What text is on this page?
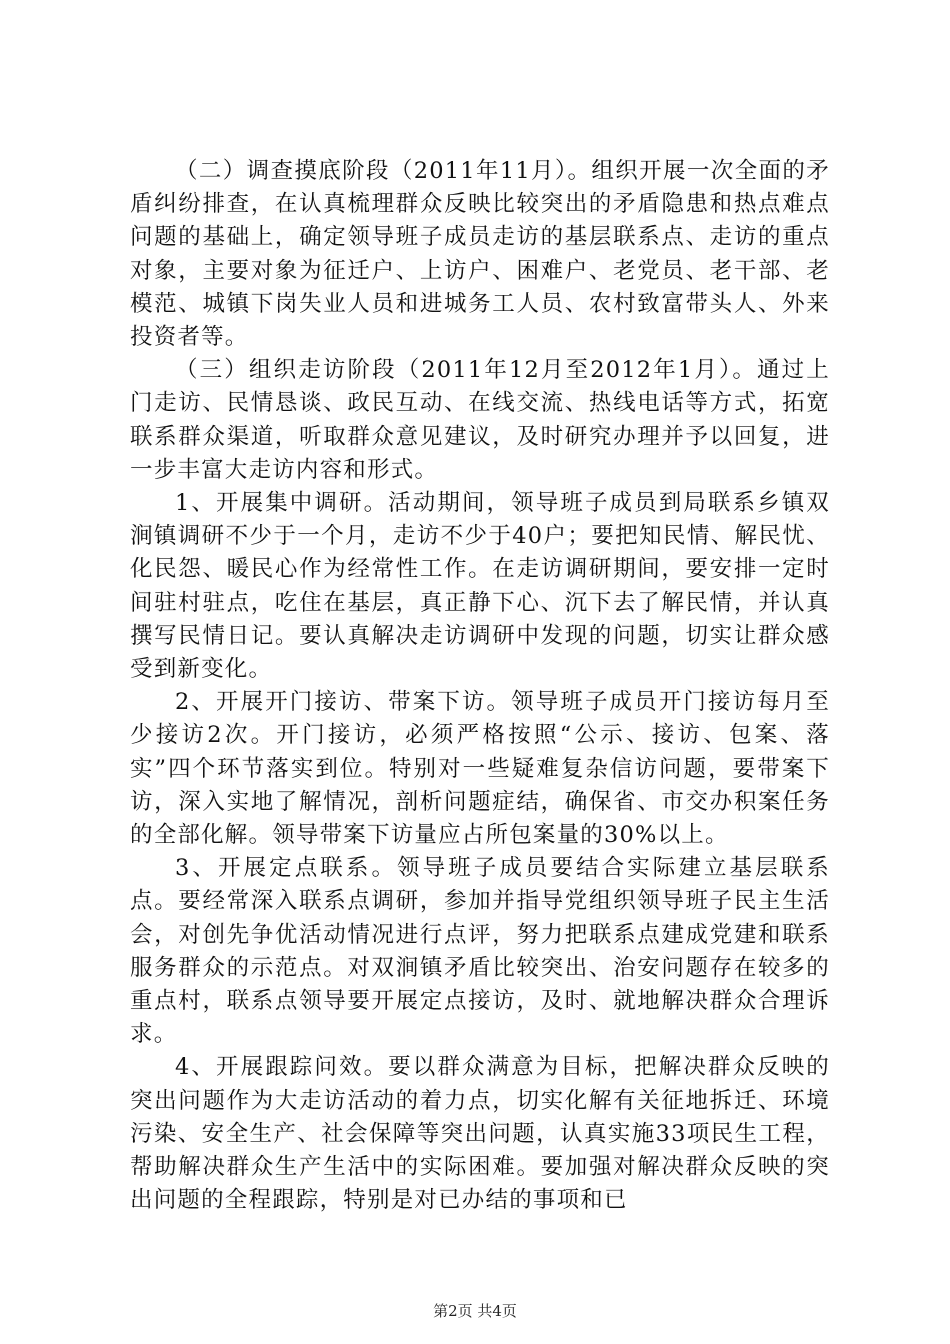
（二）调查摸底阶段（2011年11月）。组织开展一次全面的矛盾纠纷排查，在认真梳理群众反映比较突出的矛盾隐患和热点难点问题的基础上，确定领导班子成员走访的基层联系点、走访的重点对象，主要对象为征迁户、上访户、困难户、老党员、老干部、老模范、城镇下岗失业人员和进城务工人员、农村致富带头人、外来投资者等。

（三）组织走访阶段（2011年12月至2012年1月）。通过上门走访、民情恳谈、政民互动、在线交流、热线电话等方式，拓宽联系群众渠道，听取群众意见建议，及时研究办理并予以回复，进一步丰富大走访内容和形式。

1、开展集中调研。活动期间，领导班子成员到局联系乡镇双涧镇调研不少于一个月，走访不少于40户；要把知民情、解民忧、化民怨、暖民心作为经常性工作。在走访调研期间，要安排一定时间驻村驻点，吃住在基层，真正静下心、沉下去了解民情，并认真撰写民情日记。要认真解决走访调研中发现的问题，切实让群众感受到新变化。

2、开展开门接访、带案下访。领导班子成员开门接访每月至少接访2次。开门接访，必须严格按照“公示、接访、包案、落实”四个环节落实到位。特别对一些疑难复杂信访问题，要带案下访，深入实地了解情况，剖析问题症结，确保省、市交办积案任务的全部化解。领导带案下访量应占所包案量的30%以上。

3、开展定点联系。领导班子成员要结合实际建立基层联系点。要经常深入联系点调研，参加并指导党组织领导班子民主生活会，对创先争优活动情况进行点评，努力把联系点建成党建和联系服务群众的示范点。对双涧镇矛盾比较突出、治安问题存在较多的重点村，联系点领导要开展定点接访，及时、就地解决群众合理诉求。

4、开展跟踪问效。要以群众满意为目标，把解决群众反映的突出问题作为大走访活动的着力点，切实化解有关征地拆迁、环境污染、安全生产、社会保障等突出问题，认真实施33项民生工程，帮助解决群众生产生活中的实际困难。要加强对解决群众反映的突出问题的全程跟踪，特别是对已办结的事项和已

第2页 共4页
